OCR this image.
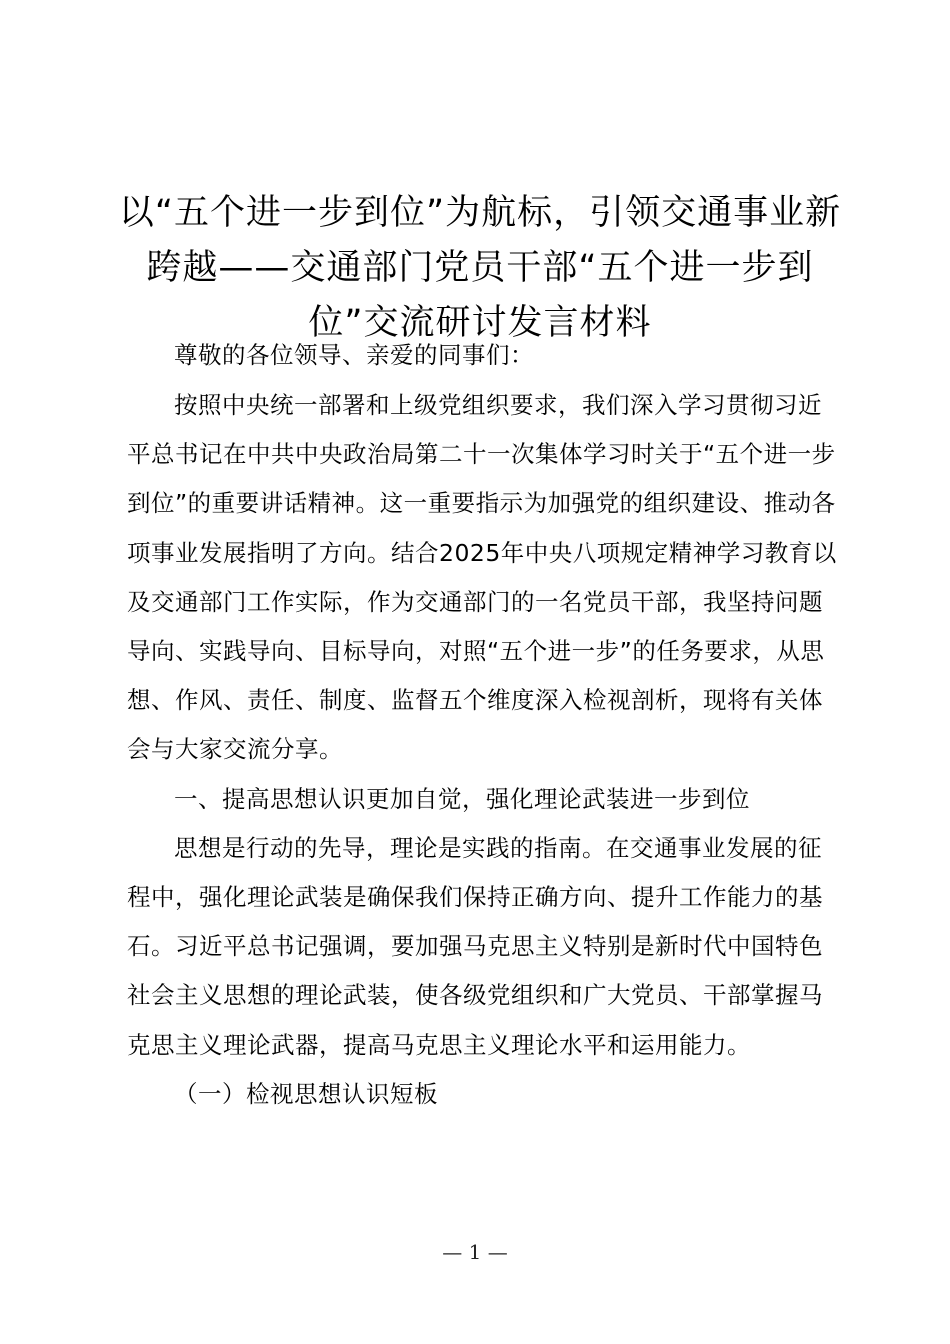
以“五个进一步到位”为航标，引领交通事业新跨越——交通部门党员干部“五个进一步到位”交流研讨发言材料

尊敬的各位领导、亲爱的同事们：

按照中央统一部署和上级党组织要求，我们深入学习贯彻习近平总书记在中共中央政治局第二十一次集体学习时关于“五个进一步到位”的重要讲话精神。这一重要指示为加强党的组织建设、推动各项事业发展指明了方向。结合2025年中央八项规定精神学习教育以及交通部门工作实际，作为交通部门的一名党员干部，我坚持问题导向、实践导向、目标导向，对照“五个进一步”的任务要求，从思想、作风、责任、制度、监督五个维度深入检视剖析，现将有关体会与大家交流分享。

一、提高思想认识更加自觉，强化理论武装进一步到位

思想是行动的先导，理论是实践的指南。在交通事业发展的征程中，强化理论武装是确保我们保持正确方向、提升工作能力的基石。习近平总书记强调，要加强马克思主义特别是新时代中国特色社会主义思想的理论武装，使各级党组织和广大党员、干部掌握马克思主义理论武器，提高马克思主义理论水平和运用能力。

（一）检视思想认识短板

— 1 —
